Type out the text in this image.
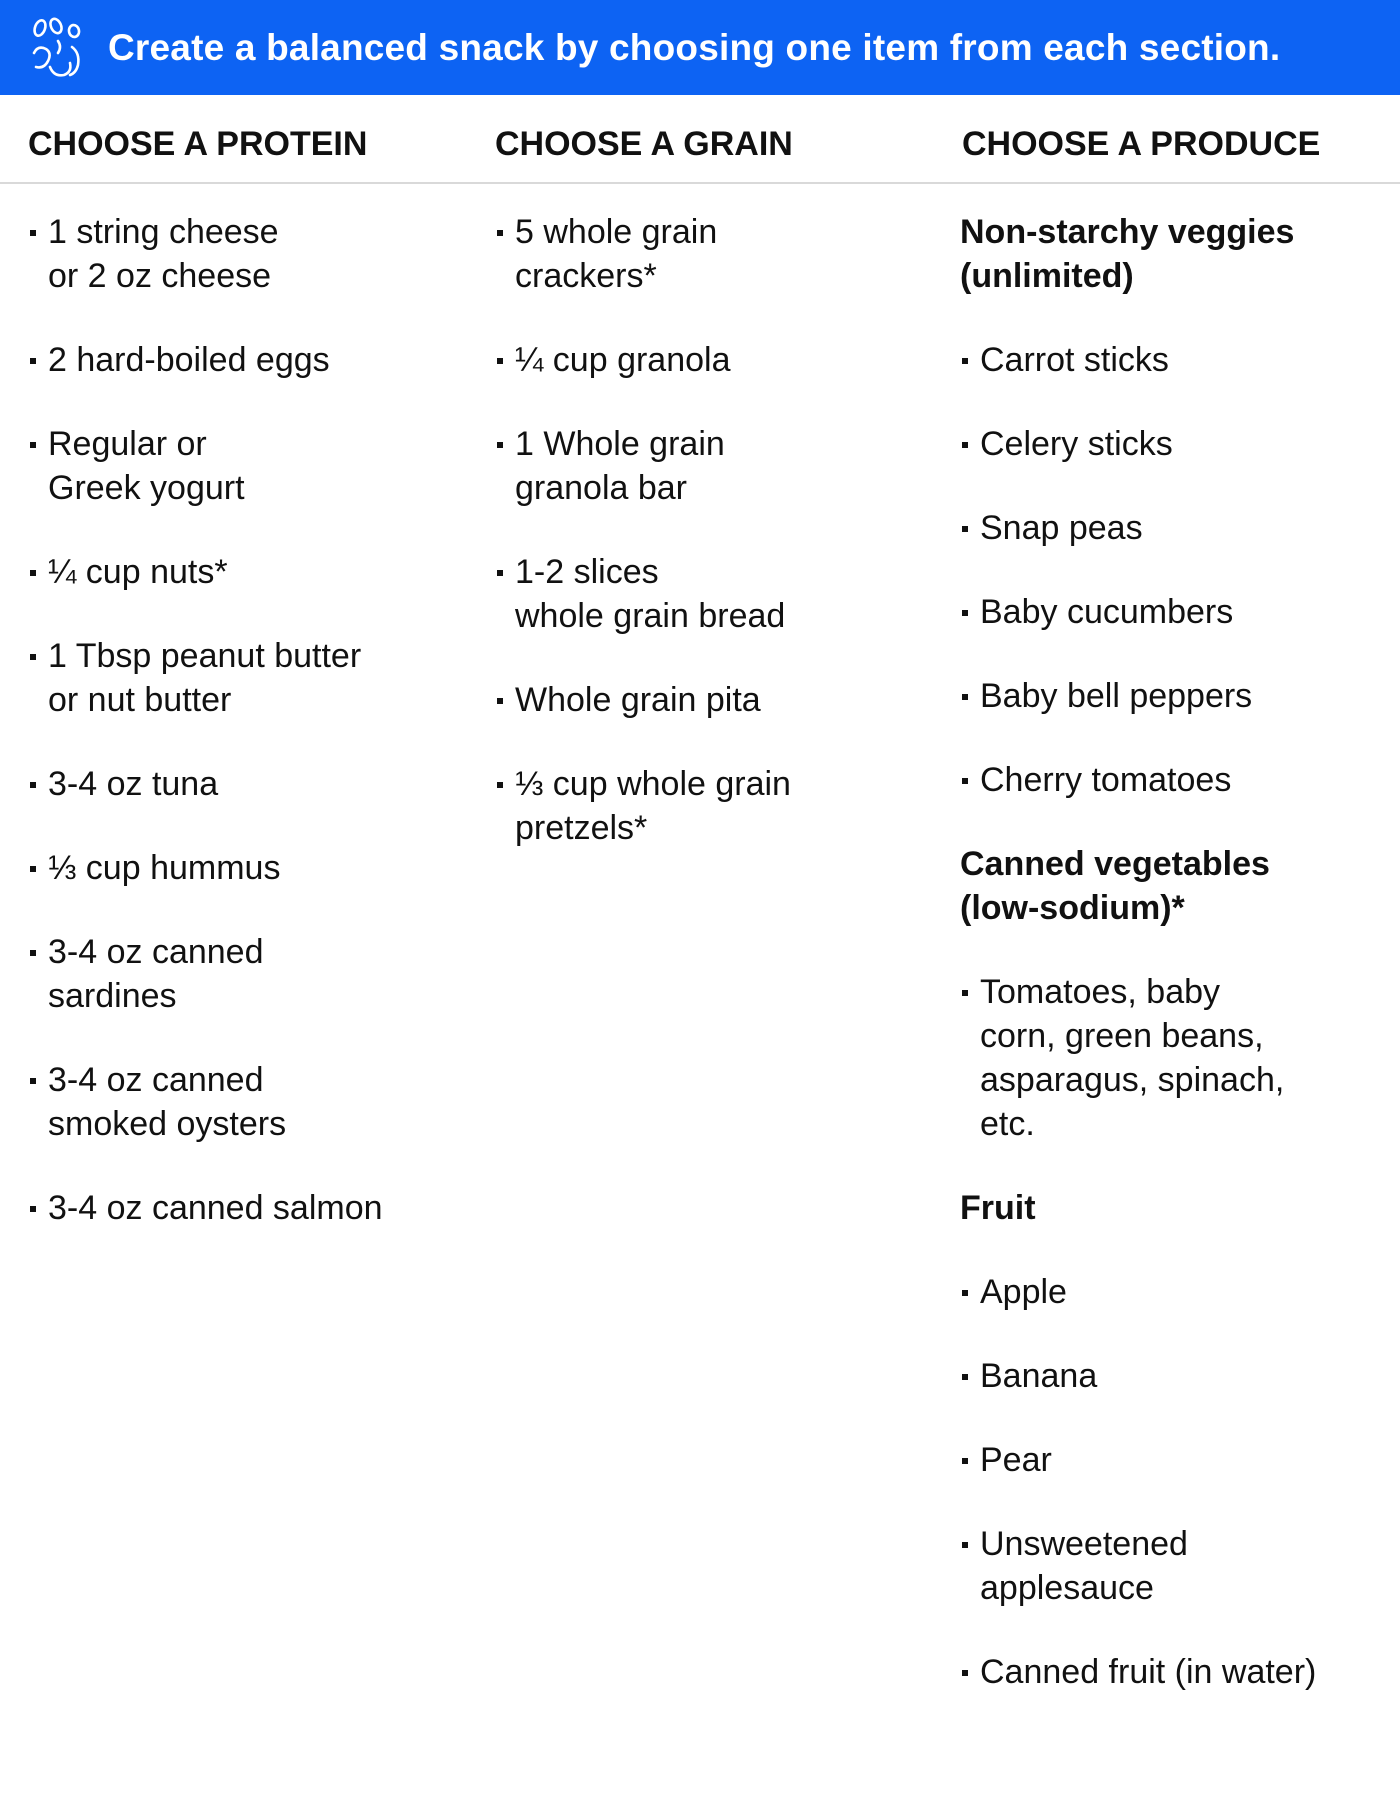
Create a balanced snack by choosing one item from each section.
CHOOSE A PROTEIN	CHOOSE A GRAIN	CHOOSE A PRODUCE
1 string cheese
or 2 oz cheese
2 hard-boiled eggs
Regular or
Greek yogurt
¼ cup nuts*
1 Tbsp peanut butter
or nut butter
3-4 oz tuna
⅓ cup hummus
3-4 oz canned
sardines
3-4 oz canned
smoked oysters
3-4 oz canned salmon
5 whole grain
crackers*
¼ cup granola
1 Whole grain
granola bar
1-2 slices
whole grain bread
Whole grain pita
⅓ cup whole grain
pretzels*
Non-starchy veggies
(unlimited)
Carrot sticks
Celery sticks
Snap peas
Baby cucumbers
Baby bell peppers
Cherry tomatoes
Canned vegetables
(low-sodium)*
Tomatoes, baby
corn, green beans,
asparagus, spinach,
etc.
Fruit
Apple
Banana
Pear
Unsweetened
applesauce
Canned fruit (in water)
